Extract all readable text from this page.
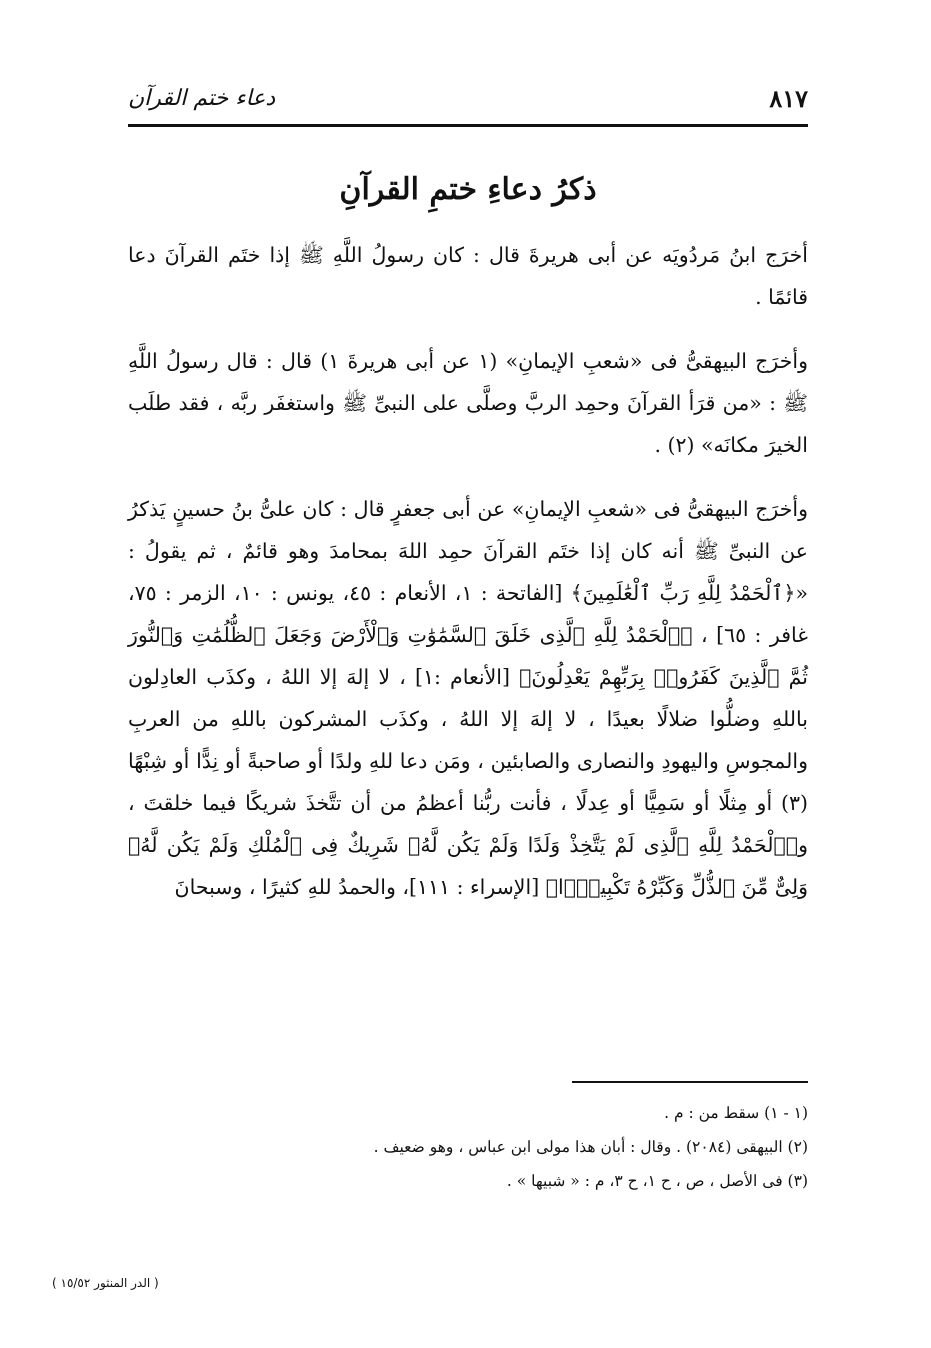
٨١٧
دعاء ختم القرآن
ذكرُ دعاءِ ختمِ القرآنِ

أخرَج ابنُ مَردُويَه عن أبى هريرةَ قال : كان رسولُ اللَّهِ ﷺ إذا ختَم القرآنَ دعا قائمًا .

وأخرَج البيهقىُّ فى «شعبِ الإيمانِ» (١ عن أبى هريرةَ ١) قال : قال رسولُ اللَّهِ ﷺ : «من قرَأ القرآنَ وحمِد الربَّ وصلَّى على النبىِّ ﷺ واستغفَر ربَّه ، فقد طلَب الخيرَ مكانَه» (٢) .

وأخرَج البيهقىُّ فى «شعبِ الإيمانِ» عن أبى جعفرٍ قال : كان علىُّ بنُ حسينٍ يَذكرُ عن النبىِّ ﷺ أنه كان إذا ختَم القرآنَ حمِد اللهَ بمحامدَ وهو قائمٌ ، ثم يقولُ : «﴿ٱلْحَمْدُ لِلَّهِ رَبِّ ٱلْعَٰلَمِينَ﴾ [الفاتحة : ١، الأنعام : ٤٥، يونس : ١٠، الزمر : ٧٥، غافر : ٦٥] ، ﴿ٱلْحَمْدُ لِلَّهِ ٱلَّذِى خَلَقَ ٱلسَّمَٰوَٰتِ وَٱلْأَرْضَ وَجَعَلَ ٱلظُّلُمَٰتِ وَٱلنُّورَ ثُمَّ ٱلَّذِينَ كَفَرُوا۟ بِرَبِّهِمْ يَعْدِلُونَ﴾ [الأنعام :١] ، لا إلهَ إلا اللهُ ، وكذَب العادِلون باللهِ وضلُّوا ضلالًا بعيدًا ، لا إلهَ إلا اللهُ ، وكذَب المشركون باللهِ من العربِ والمجوسِ واليهودِ والنصارى والصابئين ، ومَن دعا للهِ ولدًا أو صاحبةً أو نِدًّا أو شِبْهًا (٣) أو مِثلًا أو سَمِيًّا أو عِدلًا ، فأنت ربُّنا أعظمُ من أن تتَّخذَ شريكًا فيما خلقتَ ، و﴿ٱلْحَمْدُ لِلَّهِ ٱلَّذِى لَمْ يَتَّخِذْ وَلَدًا وَلَمْ يَكُن لَّهُۥ شَرِيكٌ فِى ٱلْمُلْكِ وَلَمْ يَكُن لَّهُۥ وَلِىٌّ مِّنَ ٱلذُّلِّ وَكَبِّرْهُ تَكْبِيرًۢا﴾ [الإسراء : ١١١]، والحمدُ للهِ كثيرًا ، وسبحانَ

(١ - ١) سقط من : م .

(٢) البيهقى (٢٠٨٤) . وقال : أبان هذا مولى ابن عباس ، وهو ضعيف .

(٣) فى الأصل ، ص ، ح ١، ح ٣، م : « شبيها » .

( الدر المنثور ١٥/٥٢ )
